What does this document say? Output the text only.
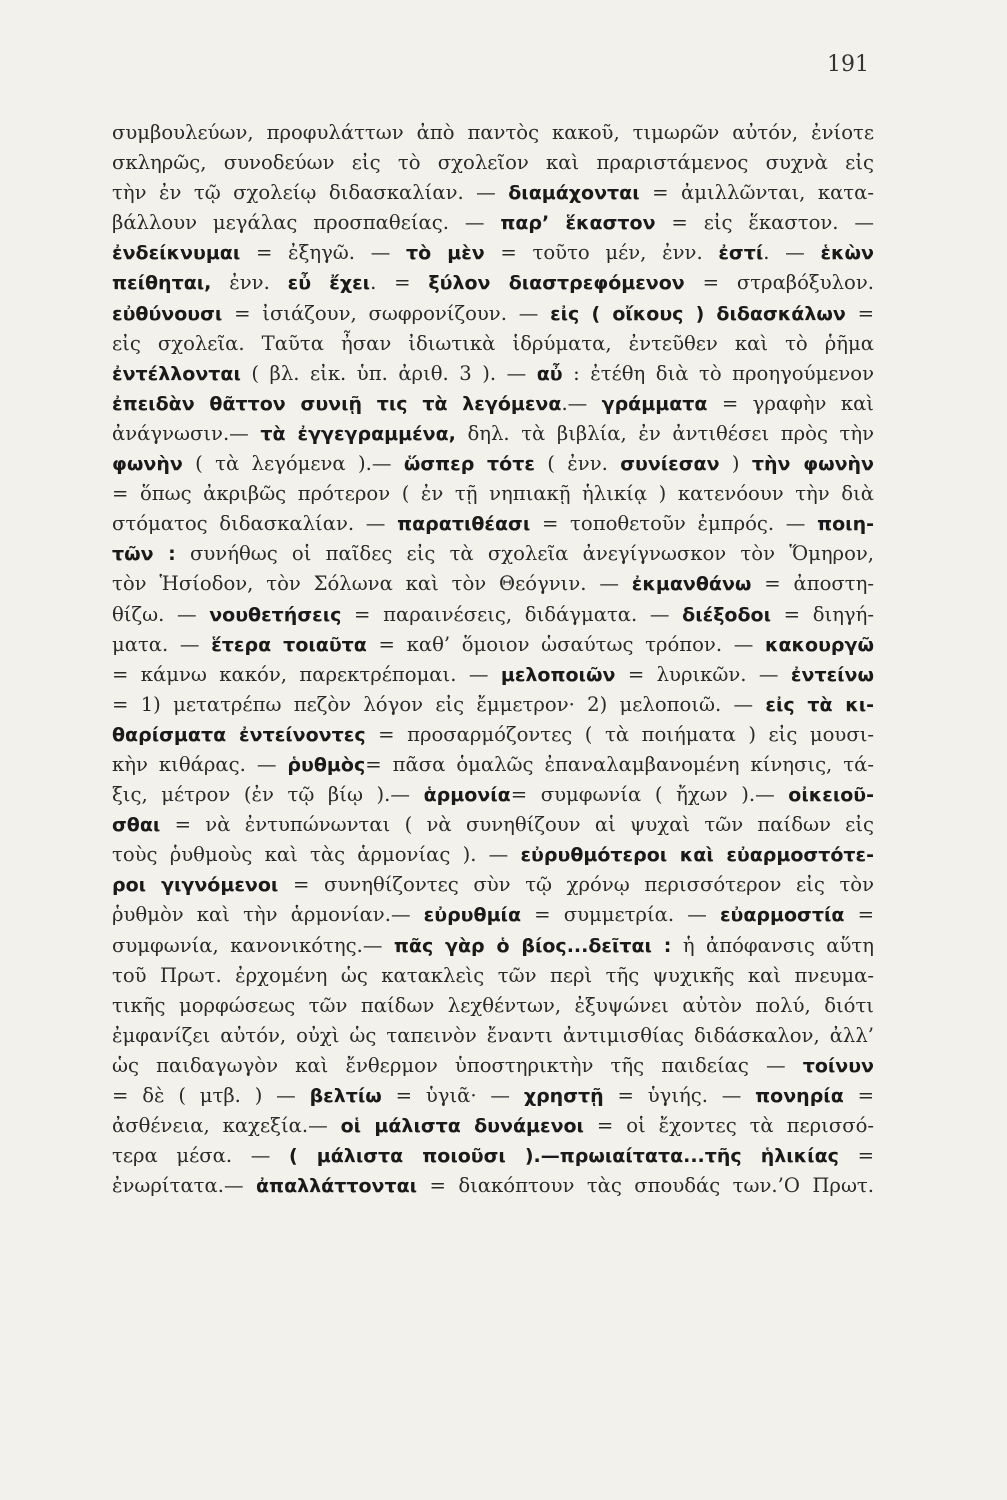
191
συμβουλεύων, προφυλάττων ἀπὸ παντὸς κακοῦ, τιμωρῶν αὐτόν, ἐνίοτε
σκληρῶς, συνοδεύων εἰς τὸ σχολεῖον καὶ πραριστάμενος συχνὰ εἰς
τὴν ἐν τῷ σχολείῳ διδασκαλίαν. — διαμάχονται = ἀμιλλῶνται, κατα-
βάλλουν μεγάλας προσπαθείας. — παρ’ ἕκαστον = εἰς ἕκαστον. —
ἐνδείκνυμαι = ἐξηγῶ. — τὸ μὲν = τοῦτο μέν, ἐνν. ἐστί. — ἑκὼν
πείθηται, ἐνν. εὖ ἔχει. = ξύλον διαστρεφόμενον = στραβόξυλον.
εὐθύνουσι = ἰσιάζουν, σωφρονίζουν. — εἰς ( οἴκους ) διδασκάλων =
εἰς σχολεῖα. Ταῦτα ἦσαν ἰδιωτικὰ ἱδρύματα, ἐντεῦθεν καὶ τὸ ῥῆμα
ἐντέλλονται ( βλ. εἰκ. ὑπ. ἀριθ. 3 ). — αὖ : ἐτέθη διὰ τὸ προηγούμενον
ἐπειδὰν θᾶττον συνιῇ τις τὰ λεγόμενα.— γράμματα = γραφὴν καὶ
ἀνάγνωσιν.— τὰ ἐγγεγραμμένα, δηλ. τὰ βιβλία, ἐν ἀντιθέσει πρὸς τὴν
φωνὴν ( τὰ λεγόμενα ).— ὥσπερ τότε ( ἐνν. συνίεσαν ) τὴν φωνὴν
= ὅπως ἀκριβῶς πρότερον ( ἐν τῇ νηπιακῇ ἡλικίᾳ ) κατενόουν τὴν διὰ
στόματος διδασκαλίαν. — παρατιθέασι = τοποθετοῦν ἐμπρός. — ποιη-
τῶν : συνήθως οἱ παῖδες εἰς τὰ σχολεῖα ἀνεγίγνωσκον τὸν Ὅμηρον,
τὸν Ἡσίοδον, τὸν Σόλωνα καὶ τὸν Θεόγνιν. — ἐκμανθάνω = ἀποστη-
θίζω. — νουθετήσεις = παραινέσεις, διδάγματα. — διέξοδοι = διηγή-
ματα. — ἕτερα τοιαῦτα = καθ’ ὅμοιον ὡσαύτως τρόπον. — κακουργῶ
= κάμνω κακόν, παρεκτρέπομαι. — μελοποιῶν = λυρικῶν. — ἐντείνω
= 1) μετατρέπω πεζὸν λόγον εἰς ἔμμετρον· 2) μελοποιῶ. — εἰς τὰ κι-
θαρίσματα ἐντείνοντες = προσαρμόζοντες ( τὰ ποιήματα ) εἰς μουσι-
κὴν κιθάρας. — ῥυθμὸς= πᾶσα ὁμαλῶς ἐπαναλαμβανομένη κίνησις, τά-
ξις, μέτρον (ἐν τῷ βίῳ ).— ἁρμονία= συμφωνία ( ἤχων ).— οἰκειοῦ-
σθαι = νὰ ἐντυπώνωνται ( νὰ συνηθίζουν αἱ ψυχαὶ τῶν παίδων εἰς
τοὺς ῥυθμοὺς καὶ τὰς ἁρμονίας ). — εὐρυθμότεροι καὶ εὐαρμοστότε-
ροι γιγνόμενοι = συνηθίζοντες σὺν τῷ χρόνῳ περισσότερον εἰς τὸν
ῥυθμὸν καὶ τὴν ἁρμονίαν.— εὐρυθμία = συμμετρία. — εὐαρμοστία =
συμφωνία, κανονικότης.— πᾶς γὰρ ὁ βίος...δεῖται : ἡ ἀπόφανσις αὕτη
τοῦ Πρωτ. ἐρχομένη ὡς κατακλεὶς τῶν περὶ τῆς ψυχικῆς καὶ πνευμα-
τικῆς μορφώσεως τῶν παίδων λεχθέντων, ἐξυψώνει αὐτὸν πολύ, διότι
ἐμφανίζει αὐτόν, οὐχὶ ὡς ταπεινὸν ἔναντι ἀντιμισθίας διδάσκαλον, ἀλλ’
ὡς παιδαγωγὸν καὶ ἔνθερμον ὑποστηρικτὴν τῆς παιδείας — τοίνυν
= δὲ ( μτβ. ) — βελτίω = ὑγιᾶ· — χρηστῇ = ὑγιής. — πονηρία =
ἀσθένεια, καχεξία.— οἱ μάλιστα δυνάμενοι = οἱ ἔχοντες τὰ περισσό-
τερα μέσα. — ( μάλιστα ποιοῦσι ).—πρωιαίτατα...τῆς ἡλικίας =
ἐνωρίτατα.— ἀπαλλάττονται = διακόπτουν τὰς σπουδάς των.’Ο Πρωτ.
